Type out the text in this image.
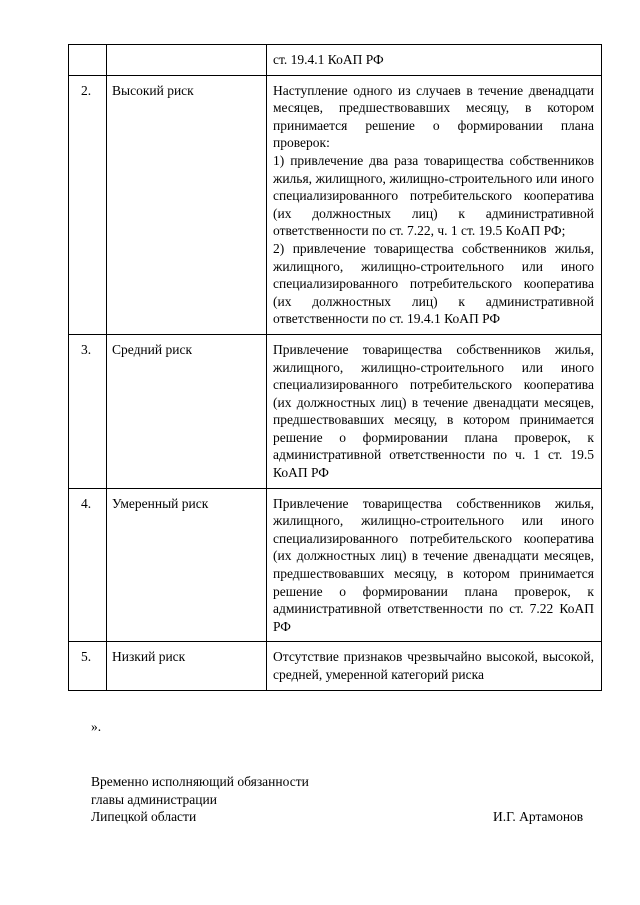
		ст. 19.4.1 КоАП РФ

2.	Высокий риск	Наступление одного из случаев в течение двенадцати месяцев, предшествовавших месяцу, в котором принимается решение о формировании плана проверок:
1) привлечение два раза товарищества собственников жилья, жилищного, жилищно-строительного или иного специализированного потребительского кооператива (их должностных лиц) к административной ответственности по ст. 7.22, ч. 1 ст. 19.5 КоАП РФ;
2) привлечение товарищества собственников жилья, жилищного, жилищно-строительного или иного специализированного потребительского кооператива (их должностных лиц) к административной ответственности по ст. 19.4.1 КоАП РФ

3.	Средний риск	Привлечение товарищества собственников жилья, жилищного, жилищно-строительного или иного специализированного потребительского кооператива (их должностных лиц) в течение двенадцати месяцев, предшествовавших месяцу, в котором принимается решение о формировании плана проверок, к административной ответственности по ч. 1 ст. 19.5 КоАП РФ

4.	Умеренный риск	Привлечение товарищества собственников жилья, жилищного, жилищно-строительного или иного специализированного потребительского кооператива (их должностных лиц) в течение двенадцати месяцев, предшествовавших месяцу, в котором принимается решение о формировании плана проверок, к административной ответственности по ст. 7.22 КоАП РФ

5.	Низкий риск	Отсутствие признаков чрезвычайно высокой, высокой, средней, умеренной категорий риска
».
Временно исполняющий обязанности
главы администрации
Липецкой области	И.Г. Артамонов
